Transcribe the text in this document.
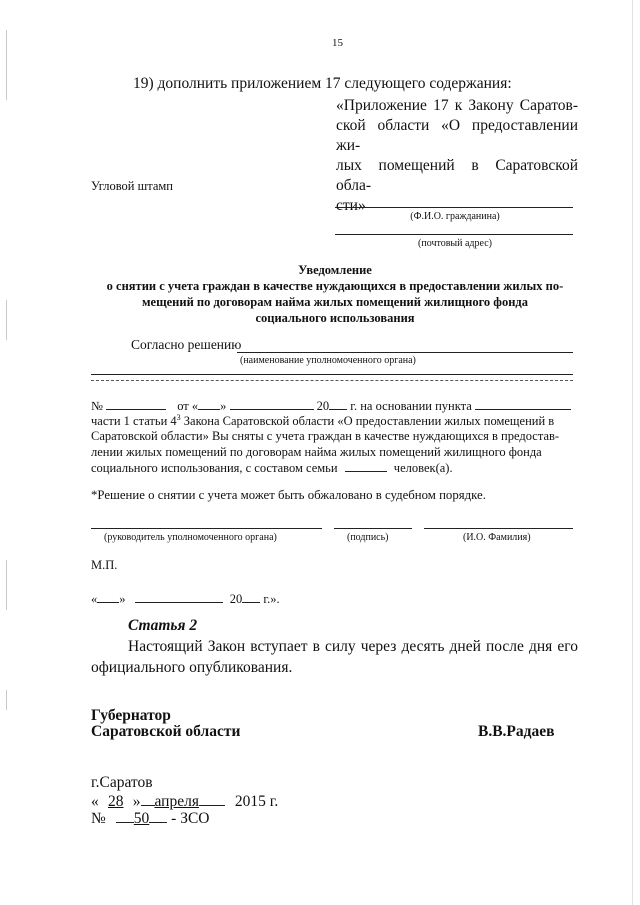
15
19) дополнить приложением 17 следующего содержания:
«Приложение 17 к Закону Саратов-
ской области «О предоставлении жи-
лых помещений в Саратовской обла-
сти»
Угловой штамп
(Ф.И.О. гражданина)
(почтовый адрес)
Уведомление
о снятии с учета граждан в качестве нуждающихся в предоставлении жилых по-
мещений по договорам найма жилых помещений жилищного фонда
социального использования
Согласно решению
(наименование уполномоченного органа)
№	от « »	20 г. на основании пункта
части 1 статьи $4^3$ Закона Саратовской области «О предоставлении жилых помещений в
Саратовской области» Вы сняты с учета граждан в качестве нуждающихся в предостав-
лении жилых помещений по договорам найма жилых помещений жилищного фонда
социального использования, с составом семьи	человек(а).
*Решение о снятии с учета может быть обжаловано в судебном порядке.
(руководитель уполномоченного органа)	(подпись)	(И.О. Фамилия)
М.П.
« »	20 г.».
Статья 2
Настоящий Закон вступает в силу через десять дней после дня его
официального опубликования.
Губернатор
Саратовской области	В.В.Радаев
г.Саратов
« 28 » апреля 2015 г.
№ 50 - ЗСО
